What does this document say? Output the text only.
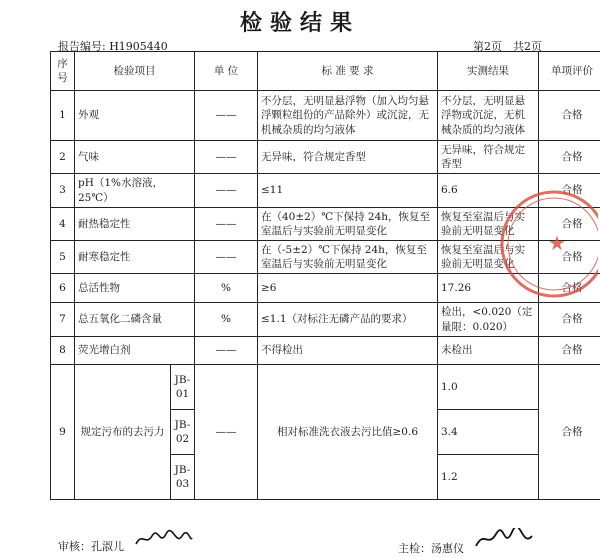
检验结果
报告编号: H1905440	第2页　共2页
序号	检验项目		单 位	标 准 要 求	实测结果	单项评价
1	外观		——	不分层，无明显悬浮物（加入均匀悬浮颗粒组份的产品除外）或沉淀，无机械杂质的均匀液体	不分层，无明显悬浮物或沉淀，无机械杂质的均匀液体	合格
2	气味		——	无异味，符合规定香型	无异味，符合规定香型	合格
3	pH（1%水溶液，25℃）		——	≤11	6.6	合格
4	耐热稳定性		——	在（40±2）℃下保持 24h，恢复至室温后与实验前无明显变化	恢复至室温后与实验前无明显变化	合格
5	耐寒稳定性		——	在（-5±2）℃下保持 24h，恢复至室温后与实验前无明显变化	恢复至室温后与实验前无明显变化	合格
6	总活性物		%	≥6	17.26	合格
7	总五氧化二磷含量		%	≤1.1（对标注无磷产品的要求）	检出，<0.020（定量限：0.020）	合格
8	荧光增白剂		——	不得检出	未检出	合格
9	规定污布的去污力	JB-01	——	相对标准洗衣液去污比值≥0.6	1.0	合格
		JB-02			3.4	
		JB-03			1.2	
审核：孔淑儿	主检：汤惠仪
★
